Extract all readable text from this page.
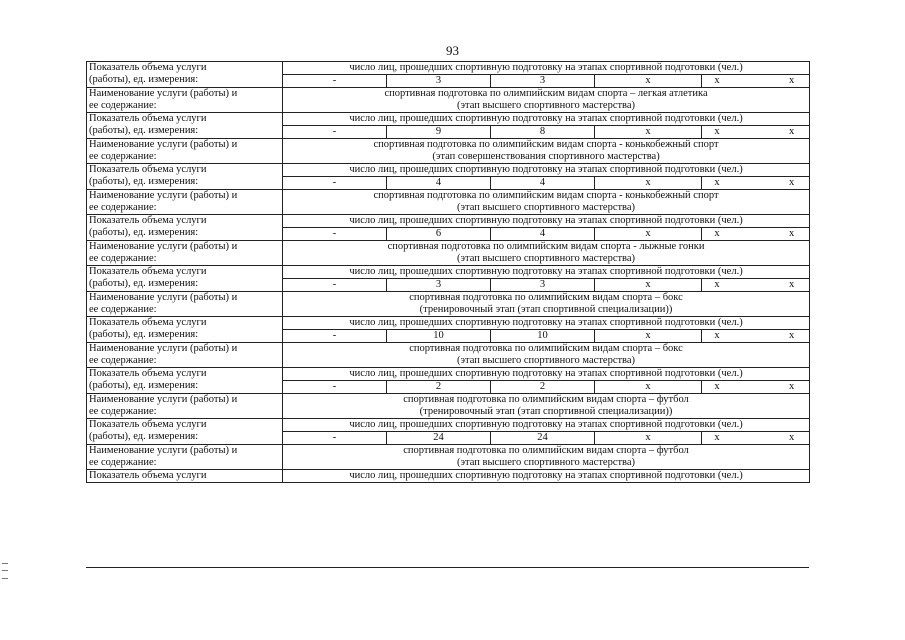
93
Показатель объема услуги
(работы), ед. измерения:	число лиц, прошедших спортивную подготовку на этапах спортивной подготовки (чел.)				
	-	3	3	х	х х

Наименование услуги (работы) и
ее содержание:	спортивная подготовка по олимпийским видам спорта – легкая атлетика
(этап высшего спортивного мастерства)				

Показатель объема услуги
(работы), ед. измерения:	число лиц, прошедших спортивную подготовку на этапах спортивной подготовки (чел.)				
	-	9	8	х	х х

Наименование услуги (работы) и
ее содержание:	спортивная подготовка по олимпийским видам спорта - конькобежный спорт
(этап совершенствования спортивного мастерства)				

Показатель объема услуги
(работы), ед. измерения:	число лиц, прошедших спортивную подготовку на этапах спортивной подготовки (чел.)				
	-	4	4	х	х х

Наименование услуги (работы) и
ее содержание:	спортивная подготовка по олимпийским видам спорта - конькобежный спорт
(этап высшего спортивного мастерства)				

Показатель объема услуги
(работы), ед. измерения:	число лиц, прошедших спортивную подготовку на этапах спортивной подготовки (чел.)				
	-	6	4	х	х х

Наименование услуги (работы) и
ее содержание:	спортивная подготовка по олимпийским видам спорта - лыжные гонки
(этап высшего спортивного мастерства)				

Показатель объема услуги
(работы), ед. измерения:	число лиц, прошедших спортивную подготовку на этапах спортивной подготовки (чел.)				
	-	3	3	х	х х

Наименование услуги (работы) и
ее содержание:	спортивная подготовка по олимпийским видам спорта – бокс
(тренировочный этап (этап спортивной специализации))				

Показатель объема услуги
(работы), ед. измерения:	число лиц, прошедших спортивную подготовку на этапах спортивной подготовки (чел.)				
	-	10	10	х	х х

Наименование услуги (работы) и
ее содержание:	спортивная подготовка по олимпийским видам спорта – бокс
(этап высшего спортивного мастерства)				

Показатель объема услуги
(работы), ед. измерения:	число лиц, прошедших спортивную подготовку на этапах спортивной подготовки (чел.)				
	-	2	2	х	х х

Наименование услуги (работы) и
ее содержание:	спортивная подготовка по олимпийским видам спорта – футбол
(тренировочный этап (этап спортивной специализации))				

Показатель объема услуги
(работы), ед. измерения:	число лиц, прошедших спортивную подготовку на этапах спортивной подготовки (чел.)				
	-	24	24	х	х х

Наименование услуги (работы) и
ее содержание:	спортивная подготовка по олимпийским видам спорта – футбол
(этап высшего спортивного мастерства)				

Показатель объема услуги	число лиц, прошедших спортивную подготовку на этапах спортивной подготовки (чел.)				
